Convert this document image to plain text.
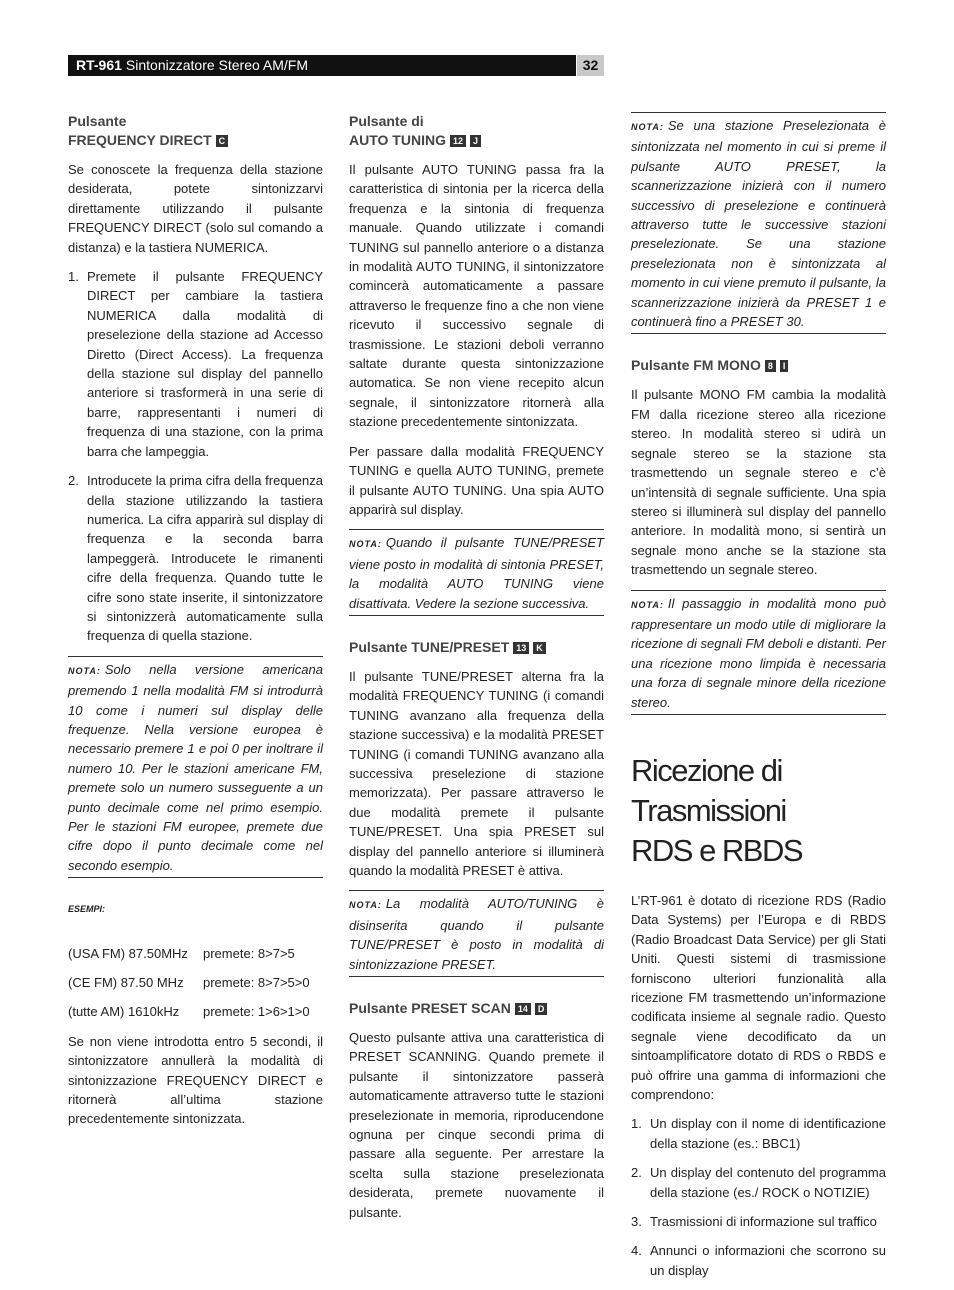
RT-961 Sintonizzatore Stereo AM/FM	32
Pulsante
FREQUENCY DIRECT C

Se conoscete la frequenza della stazione desiderata, potete sintonizzarvi direttamente utilizzando il pulsante FREQUENCY DIRECT (solo sul comando a distanza) e la tastiera NUMERICA.

1. Premete il pulsante FREQUENCY DIRECT per cambiare la tastiera NUMERICA dalla modalità di preselezione della stazione ad Accesso Diretto (Direct Access). La frequenza della stazione sul display del pannello anteriore si trasformerà in una serie di barre, rappresentanti i numeri di frequenza di una stazione, con la prima barra che lampeggia.
2. Introducete la prima cifra della frequenza della stazione utilizzando la tastiera numerica. La cifra apparirà sul display di frequenza e la seconda barra lampeggerà. Introducete le rimanenti cifre della frequenza. Quando tutte le cifre sono state inserite, il sintonizzatore si sintonizzerà automaticamente sulla frequenza di quella stazione.
NOTA: Solo nella versione americana premendo 1 nella modalità FM si introdurrà 10 come i numeri sul display delle frequenze. Nella versione europea è necessario premere 1 e poi 0 per inoltrare il numero 10. Per le stazioni americane FM, premete solo un numero susseguente a un punto decimale come nel primo esempio. Per le stazioni FM europee, premete due cifre dopo il punto decimale come nel secondo esempio.
ESEMPI:
(USA FM) 87.50MHz premete: 8>7>5
(CE FM) 87.50 MHz premete: 8>7>5>0
(tutte AM) 1610kHz premete: 1>6>1>0

Se non viene introdotta entro 5 secondi, il sintonizzatore annullerà la modalità di sintonizzazione FREQUENCY DIRECT e ritornerà all’ultima stazione precedentemente sintonizzata.

Pulsante di
AUTO TUNING 12 J

Il pulsante AUTO TUNING passa fra la caratteristica di sintonia per la ricerca della frequenza e la sintonia di frequenza manuale. Quando utilizzate i comandi TUNING sul pannello anteriore o a distanza in modalità AUTO TUNING, il sintonizzatore comincerà automaticamente a passare attraverso le frequenze fino a che non viene ricevuto il successivo segnale di trasmissione. Le stazioni deboli verranno saltate durante questa sintonizzazione automatica. Se non viene recepito alcun segnale, il sintonizzatore ritornerà alla stazione precedentemente sintonizzata.

Per passare dalla modalità FREQUENCY TUNING e quella AUTO TUNING, premete il pulsante AUTO TUNING. Una spia AUTO apparirà sul display.

NOTA: Quando il pulsante TUNE/PRESET viene posto in modalità di sintonia PRESET, la modalità AUTO TUNING viene disattivata. Vedere la sezione successiva.
Pulsante TUNE/PRESET 13 K

Il pulsante TUNE/PRESET alterna fra la modalità FREQUENCY TUNING (i comandi TUNING avanzano alla frequenza della stazione successiva) e la modalità PRESET TUNING (i comandi TUNING avanzano alla successiva preselezione di stazione memorizzata). Per passare attraverso le due modalità premete il pulsante TUNE/PRESET. Una spia PRESET sul display del pannello anteriore si illuminerà quando la modalità PRESET è attiva.

NOTA: La modalità AUTO/TUNING è disinserita quando il pulsante TUNE/PRESET è posto in modalità di sintonizzazione PRESET.
Pulsante PRESET SCAN 14 D

Questo pulsante attiva una caratteristica di PRESET SCANNING. Quando premete il pulsante il sintonizzatore passerà automaticamente attraverso tutte le stazioni preselezionate in memoria, riproducendone ognuna per cinque secondi prima di passare alla seguente. Per arrestare la scelta sulla stazione preselezionata desiderata, premete nuovamente il pulsante.

NOTA: Se una stazione Preselezionata è sintonizzata nel momento in cui si preme il pulsante AUTO PRESET, la scannerizzazione inizierà con il numero successivo di preselezione e continuerà attraverso tutte le successive stazioni preselezionate. Se una stazione preselezionata non è sintonizzata al momento in cui viene premuto il pulsante, la scannerizzazione inizierà da PRESET 1 e continuerà fino a PRESET 30.
Pulsante FM MONO 8 I

Il pulsante MONO FM cambia la modalità FM dalla ricezione stereo alla ricezione stereo. In modalità stereo si udirà un segnale stereo se la stazione sta trasmettendo un segnale stereo e c’è un’intensità di segnale sufficiente. Una spia stereo si illuminerà sul display del pannello anteriore. In modalità mono, si sentirà un segnale mono anche se la stazione sta trasmettendo un segnale stereo.

NOTA: Il passaggio in modalità mono può rappresentare un modo utile di migliorare la ricezione di segnali FM deboli e distanti. Per una ricezione mono limpida è necessaria una forza di segnale minore della ricezione stereo.
Ricezione di Trasmissioni
RDS e RBDS

L’RT-961 è dotato di ricezione RDS (Radio Data Systems) per l’Europa e di RBDS (Radio Broadcast Data Service) per gli Stati Uniti. Questi sistemi di trasmissione forniscono ulteriori funzionalità alla ricezione FM trasmettendo un’informazione codificata insieme al segnale radio. Questo segnale viene decodificato da un sintoamplificatore dotato di RDS o RBDS e può offrire una gamma di informazioni che comprendono:

1. Un display con il nome di identificazione della stazione (es.: BBC1)
2. Un display del contenuto del programma della stazione (es./ ROCK o NOTIZIE)
3. Trasmissioni di informazione sul traffico
4. Annunci o informazioni che scorrono su un display
